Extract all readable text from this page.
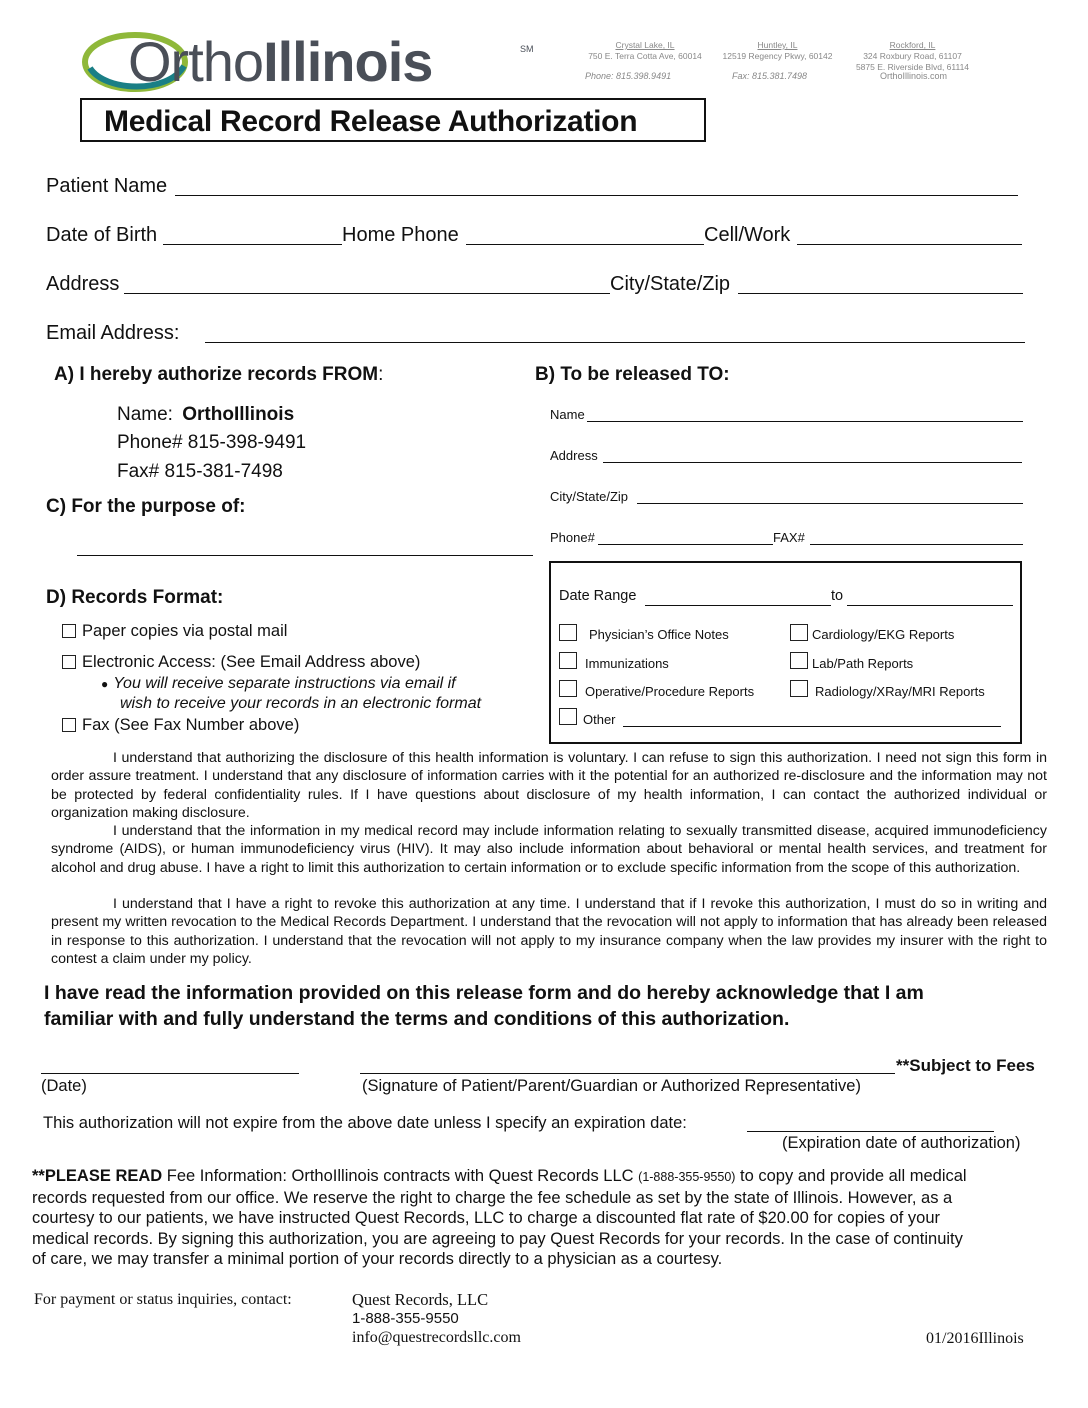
OrthoIllinois	SM	Crystal Lake, IL
750 E. Terra Cotta Ave, 60014
Huntley, IL
12519 Regency Pkwy, 60142
Rockford, IL
324 Roxbury Road, 61107
5875 E. Riverside Blvd, 61114
Phone: 815.398.9491	Fax: 815.381.7498	OrthoIllinois.com
Medical Record Release Authorization
Patient Name
Date of Birth	Home Phone	Cell/Work
Address	City/State/Zip
Email Address:
A) I hereby authorize records FROM:
Name: OrthoIllinois
Phone# 815-398-9491
Fax# 815-381-7498
B) To be released TO:
Name
Address
City/State/Zip
Phone#	FAX#
C) For the purpose of:
D) Records Format:
Paper copies via postal mail
Electronic Access: (See Email Address above)
● You will receive separate instructions via email if
wish to receive your records in an electronic format
Fax (See Fax Number above)
Date Range	to
Physician’s Office Notes	Cardiology/EKG Reports
Immunizations	Lab/Path Reports
Operative/Procedure Reports	Radiology/XRay/MRI Reports
Other
I understand that authorizing the disclosure of this health information is voluntary. I can refuse to sign this authorization. I need not sign this form in order assure treatment. I understand that any disclosure of information carries with it the potential for an authorized re-disclosure and the information may not be protected by federal confidentiality rules. If I have questions about disclosure of my health information, I can contact the authorized individual or organization making disclosure.
I understand that the information in my medical record may include information relating to sexually transmitted disease, acquired immunodeficiency syndrome (AIDS), or human immunodeficiency virus (HIV). It may also include information about behavioral or mental health services, and treatment for alcohol and drug abuse. I have a right to limit this authorization to certain information or to exclude specific information from the scope of this authorization.
I understand that I have a right to revoke this authorization at any time. I understand that if I revoke this authorization, I must do so in writing and present my written revocation to the Medical Records Department. I understand that the revocation will not apply to information that has already been released in response to this authorization. I understand that the revocation will not apply to my insurance company when the law provides my insurer with the right to contest a claim under my policy.
I have read the information provided on this release form and do hereby acknowledge that I am
familiar with and fully understand the terms and conditions of this authorization.
**Subject to Fees
(Date)	(Signature of Patient/Parent/Guardian or Authorized Representative)
This authorization will not expire from the above date unless I specify an expiration date:
(Expiration date of authorization)
**PLEASE READ Fee Information: OrthoIllinois contracts with Quest Records LLC (1-888-355-9550) to copy and provide all medical
records requested from our office. We reserve the right to charge the fee schedule as set by the state of Illinois. However, as a
courtesy to our patients, we have instructed Quest Records, LLC to charge a discounted flat rate of $20.00 for copies of your
medical records. By signing this authorization, you are agreeing to pay Quest Records for your records. In the case of continuity
of care, we may transfer a minimal portion of your records directly to a physician as a courtesy.
For payment or status inquiries, contact:	Quest Records, LLC
1-888-355-9550
info@questrecordsllc.com	01/2016Illinois
